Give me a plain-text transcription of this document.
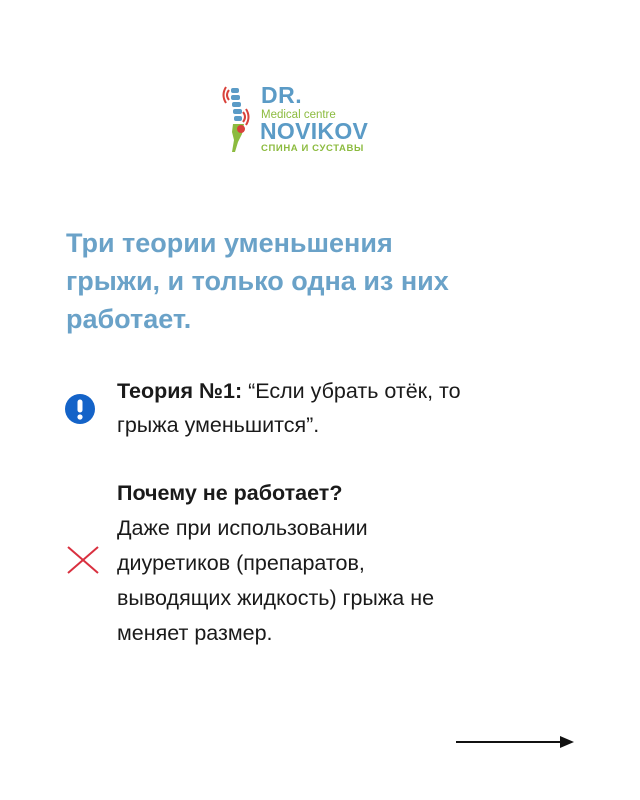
DR.
Medical centre
NOVIKOV
СПИНА И СУСТАВЫ
Три теории уменьшения
грыжи, и только одна из них
работает.
Теория №1: “Если убрать отёк, то
грыжа уменьшится”.
Почему не работает?
Даже при использовании
диуретиков (препаратов,
выводящих жидкость) грыжа не
меняет размер.
